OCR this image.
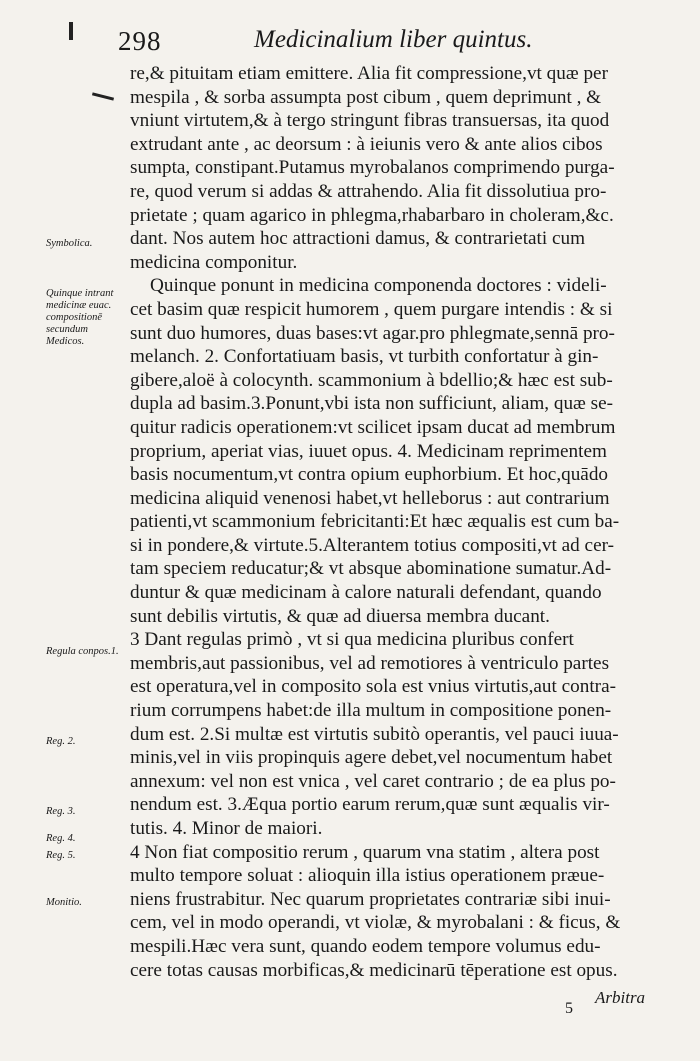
298	Medicinalium liber quintus.
Symbolica.
Quinque intrant medicinæ euac. compositionē secundum Medicos.
Regula conpos.1.
Reg. 2.
Reg. 3.
Reg. 4.
Reg. 5.
Monitio.
re,& pituitam etiam emittere. Alia fit compressione,vt quæ per
mespila , & sorba assumpta post cibum , quem deprimunt , &
vniunt virtutem,& à tergo stringunt fibras transuersas, ita quod
extrudant ante , ac deorsum : à ieiunis vero & ante alios cibos
sumpta, constipant.Putamus myrobalanos comprimendo purga-
re, quod verum si addas & attrahendo. Alia fit dissolutiua pro-
prietate ; quam agarico in phlegma,rhabarbaro in choleram,&c.
dant. Nos autem hoc attractioni damus, & contrarietati cum
medicina componitur.
Quinque ponunt in medicina componenda doctores : videli-
cet basim quæ respicit humorem , quem purgare intendis : & si
sunt duo humores, duas bases:vt agar.pro phlegmate,sennā pro-
melanch. 2. Confortatiuam basis, vt turbith confortatur à gin-
gibere,aloë à colocynth. scammonium à bdellio;& hæc est sub-
dupla ad basim.3.Ponunt,vbi ista non sufficiunt, aliam, quæ se-
quitur radicis operationem:vt scilicet ipsam ducat ad membrum
proprium, aperiat vias, iuuet opus. 4. Medicinam reprimentem
basis nocumentum,vt contra opium euphorbium. Et hoc,quādo
medicina aliquid venenosi habet,vt helleborus : aut contrarium
patienti,vt scammonium febricitanti:Et hæc æqualis est cum ba-
si in pondere,& virtute.5.Alterantem totius compositi,vt ad cer-
tam speciem reducatur;& vt absque abominatione sumatur.Ad-
duntur & quæ medicinam à calore naturali defendant, quando
sunt debilis virtutis, & quæ ad diuersa membra ducant.
3 Dant regulas primò , vt si qua medicina pluribus confert
membris,aut passionibus, vel ad remotiores à ventriculo partes
est operatura,vel in composito sola est vnius virtutis,aut contra-
rium corrumpens habet:de illa multum in compositione ponen-
dum est. 2.Si multæ est virtutis subitò operantis, vel pauci iuua-
minis,vel in viis propinquis agere debet,vel nocumentum habet
annexum: vel non est vnica , vel caret contrario ; de ea plus po-
nendum est. 3.Æqua portio earum rerum,quæ sunt æqualis vir-
tutis. 4. Minor de maiori.
4 Non fiat compositio rerum , quarum vna statim , altera post
multo tempore soluat : alioquin illa istius operationem præue-
niens frustrabitur. Nec quarum proprietates contrariæ sibi inui-
cem, vel in modo operandi, vt violæ, & myrobalani : & ficus, &
mespili.Hæc vera sunt, quando eodem tempore volumus edu-
cere totas causas morbificas,& medicinarū tēperatione est opus.
5
Arbitra
